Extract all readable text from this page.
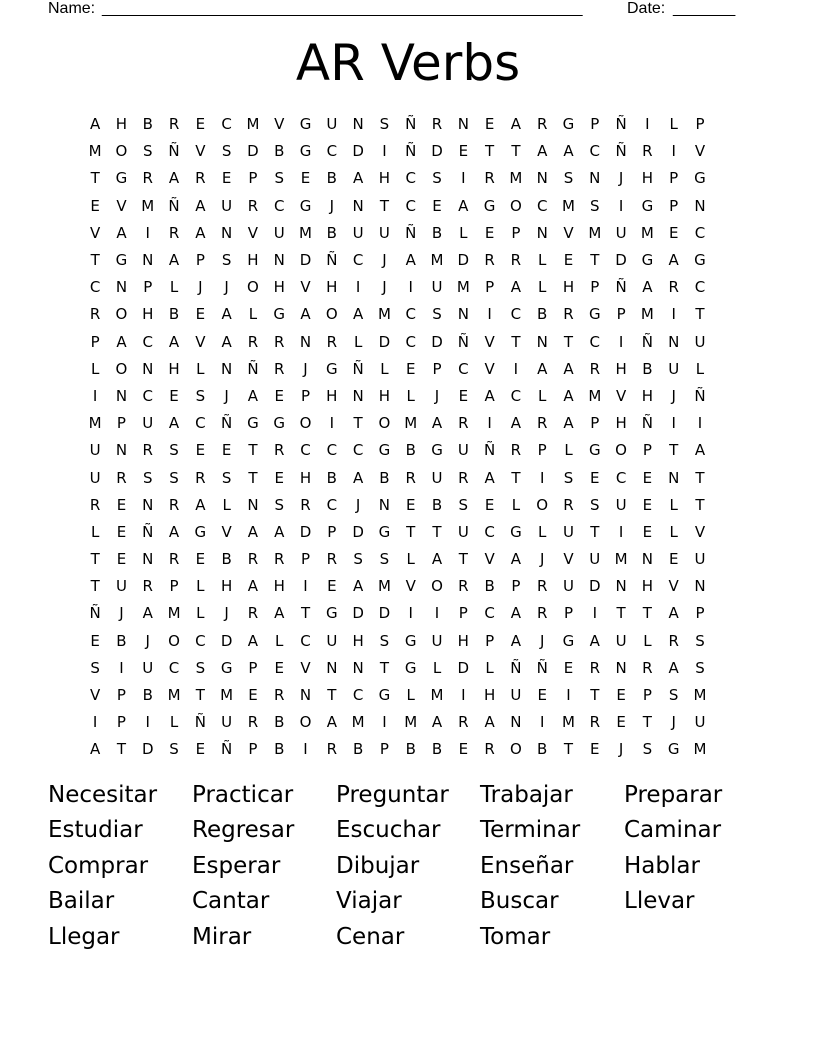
Name: ______________________________________________________	Date: _______
AR Verbs
A	H	B	R	E	C M V	G	U	N	S	Ñ	R	N	E	A	R	G	P	Ñ	I	L	P
M O	S	Ñ	V	S	D	B	G	C	D	I	Ñ D	E	T	T	A	A	C	Ñ	R	I	V
T	G	R	A	R	E	P	S	E	B	A	H	C	S	I	R M N	S	N	J	H	P	G
E	V M Ñ	A	U	R	C	G	J	N	T	C	E	A	G O	C M	S	I	G	P	N
V	A	I	R	A	N	V	U M B	U	U	Ñ	B	L	E	P	N	V M U M	E	C
T	G N	A	P	S	H	N D Ñ	C	J	A M D	R	R	L	E	T	D G	A	G
C	N	P	L	J	J	O H	V	H	I	J	I	U M	P	A	L	H	P	Ñ	A	R	C
R	O H	B	E	A	L	G	A	O	A M C	S	N	I	C	B	R	G	P	M	I	T
P	A	C	A	V	A	R	R	N	R	L	D	C	D Ñ	V	T	N	T	C	I	Ñ	N	U
L	O N	H	L	N	Ñ	R	J	G Ñ	L	E	P	C	V	I	A	A	R	H	B	U	L
I	N	C	E	S	J	A	E	P	H	N	H	L	J	E	A	C	L	A M V	H	J	Ñ
M	P	U	A	C	Ñ G G O	I	T	O M A	R	I	A	R	A	P	H	Ñ	I	I
U	N	R	S	E	E	T	R	C	C	C	G	B	G	U	Ñ	R	P	L	G O	P	T	A
U	R	S	S	R	S	T	E	H	B	A	B	R	U	R	A	T	I	S	E	C	E	N	T
R	E	N	R	A	L	N	S	R	C	J	N	E	B	S	E	L	O	R	S	U	E	L	T
L	E	Ñ	A	G	V	A	A	D	P	D G	T	T	U	C	G	L	U	T	I	E	L	V
T	E	N	R	E	B	R	R	P	R	S	S	L	A	T	V	A	J	V	U M N	E	U
T	U	R	P	L	H	A	H	I	E	A M V	O	R	B	P	R	U	D N	H	V	N
Ñ	J	A M	L	J	R	A	T	G D D	I	I	P	C	A	R	P	I	T	T	A	P
E	B	J	O	C	D	A	L	C	U	H	S	G	U	H	P	A	J	G	A	U	L	R	S
S	I	U	C	S	G	P	E	V	N	N	T	G	L	D	L	Ñ	Ñ	E	R	N	R	A	S
V	P	B M	T	M	E	R	N	T	C	G	L	M	I	H	U	E	I	T	E	P	S	M
I	P	I	L	Ñ	U	R	B	O	A M	I	M A	R	A	N	I	M R	E	T	J	U
A	T	D	S	E	Ñ	P	B	I	R	B	P	B	B	E	R	O	B	T	E	J	S	G M
Necesitar	Practicar	Preguntar	Trabajar	Preparar
Estudiar	Regresar	Escuchar	Terminar	Caminar
Comprar	Esperar	Dibujar	Enseñar	Hablar
Bailar	Cantar	Viajar	Buscar	Llevar
Llegar	Mirar	Cenar	Tomar
